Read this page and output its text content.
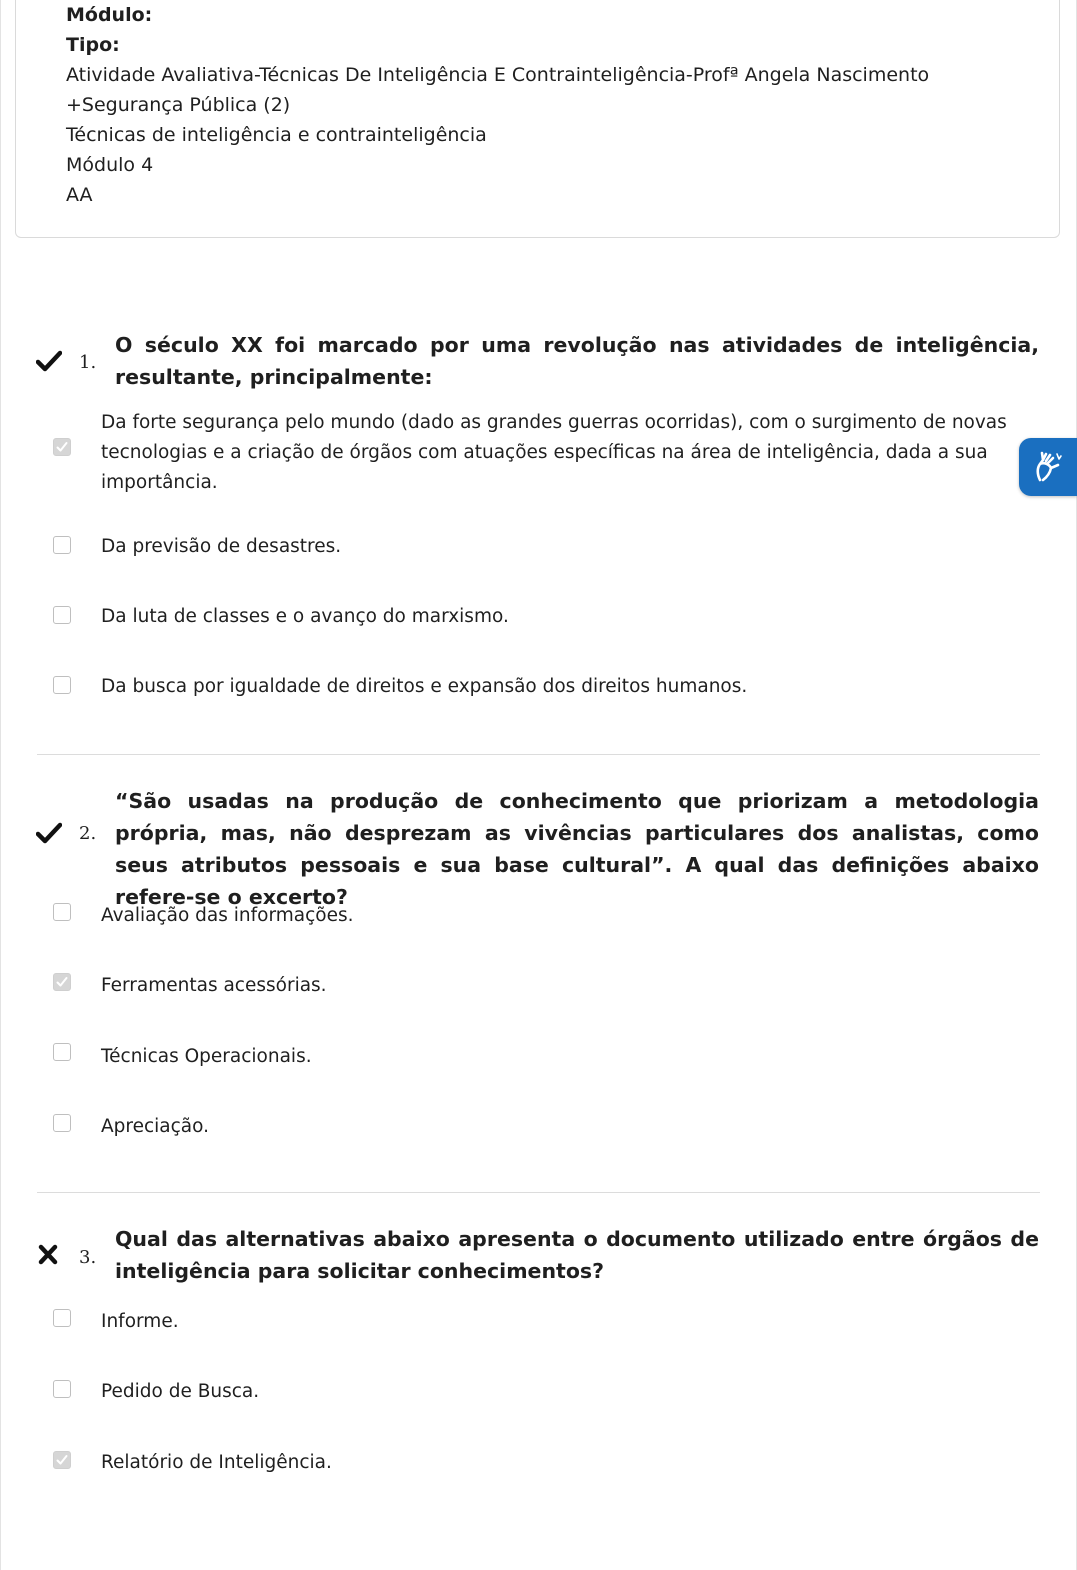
Módulo:
Tipo:
Atividade Avaliativa-Técnicas De Inteligência E Contrainteligência-Profª Angela Nascimento
+Segurança Pública (2)
Técnicas de inteligência e contrainteligência
Módulo 4
AA
1.
O século XX foi marcado por uma revolução nas atividades de inteligência, resultante, principalmente:
Da forte segurança pelo mundo (dado as grandes guerras ocorridas), com o surgimento de novas tecnologias e a criação de órgãos com atuações específicas na área de inteligência, dada a sua importância.
Da previsão de desastres.
Da luta de classes e o avanço do marxismo.
Da busca por igualdade de direitos e expansão dos direitos humanos.
2.
“São usadas na produção de conhecimento que priorizam a metodologia própria, mas, não desprezam as vivências particulares dos analistas, como seus atributos pessoais e sua base cultural”. A qual das definições abaixo refere-se o excerto?
Avaliação das informações.
Ferramentas acessórias.
Técnicas Operacionais.
Apreciação.
3.
Qual das alternativas abaixo apresenta o documento utilizado entre órgãos de inteligência para solicitar conhecimentos?
Informe.
Pedido de Busca.
Relatório de Inteligência.
